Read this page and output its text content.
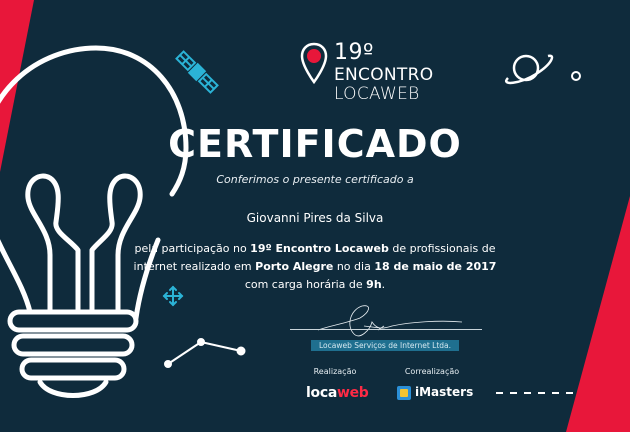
19º
ENCONTRO
LOCAWEB
CERTIFICADO
Conferimos o presente certificado a
Giovanni Pires da Silva
pela participação no 19º Encontro Locaweb de profissionais de
internet realizado em Porto Alegre no dia 18 de maio de 2017
com carga horária de 9h.
Locaweb Serviços de Internet Ltda.
Realização	Correalização
locaweb	iMasters
